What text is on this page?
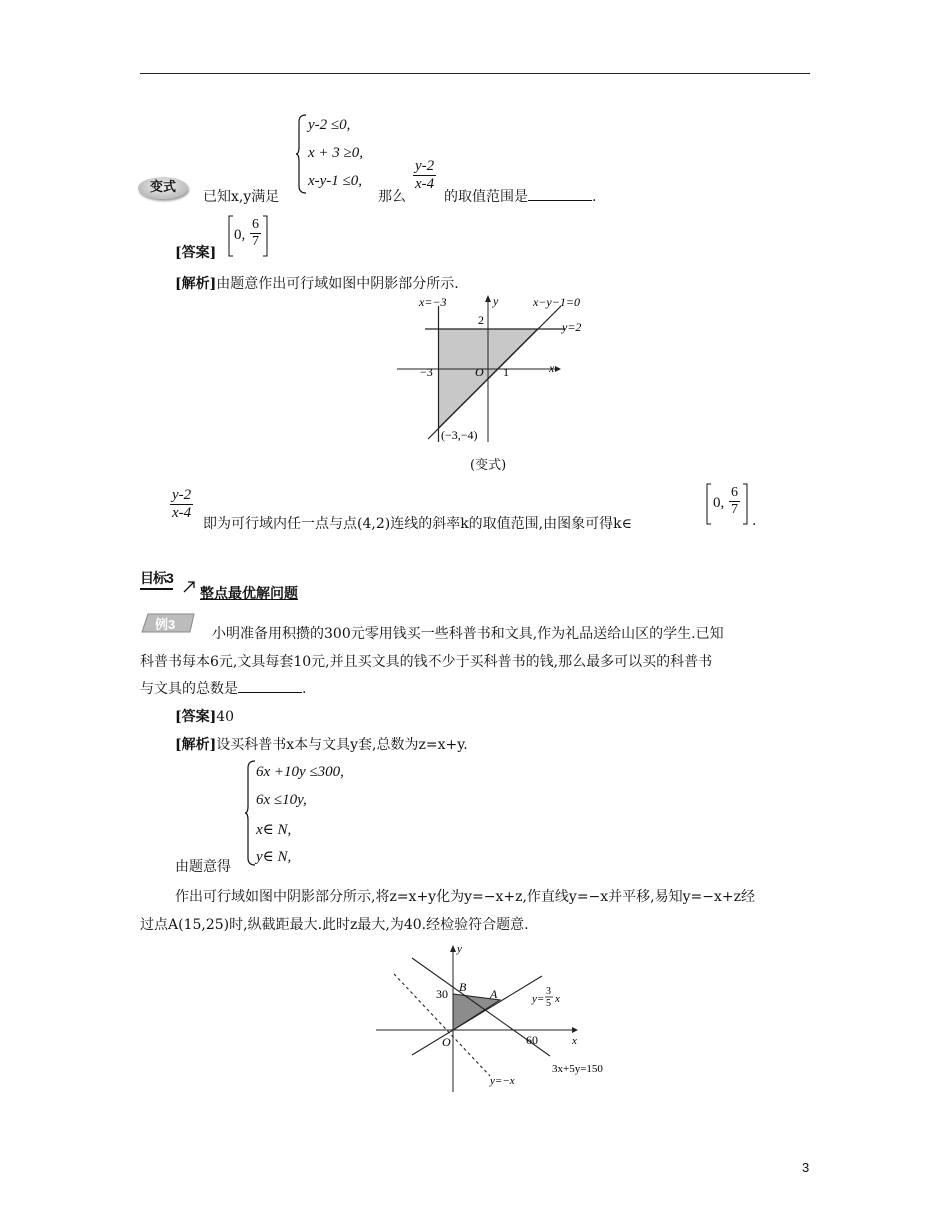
变式
已知x,y满足
y-2 ≤0,
x + 3 ≥0,
x-y-1 ≤0,
那么
$\frac{y-2}{x-4}$
的取值范围是	.
[答案]
0, $\frac{6}{7}$
[解析]由题意作出可行域如图中阴影部分所示.
x=−3	y	x−y−1=0
y=2
2
−3	O 1	x
(−3,−4)
(变式)
$\frac{y-2}{x-4}$
即为可行域内任一点与点(4,2)连线的斜率k的取值范围,由图象可得k∈
0, $\frac{6}{7}$
.
目标3
整点最优解问题
例3
小明准备用积攒的300元零用钱买一些科普书和文具,作为礼品送给山区的学生.已知
科普书每本6元,文具每套10元,并且买文具的钱不少于买科普书的钱,那么最多可以买的科普书
与文具的总数是	.
[答案]40
[解析]设买科普书x本与文具y套,总数为z=x+y.
6x +10y ≤300,
6x ≤10y,
x∈ N,
y∈ N,
由题意得
作出可行域如图中阴影部分所示,将z=x+y化为y=−x+z,作直线y=−x并平移,易知y=−x+z经
过点A(15,25)时,纵截距最大.此时z最大,为40.经检验符合题意.
y
B
30	A	y=
3
5 x
O	60	x
3x+5y=150
y=−x
3
